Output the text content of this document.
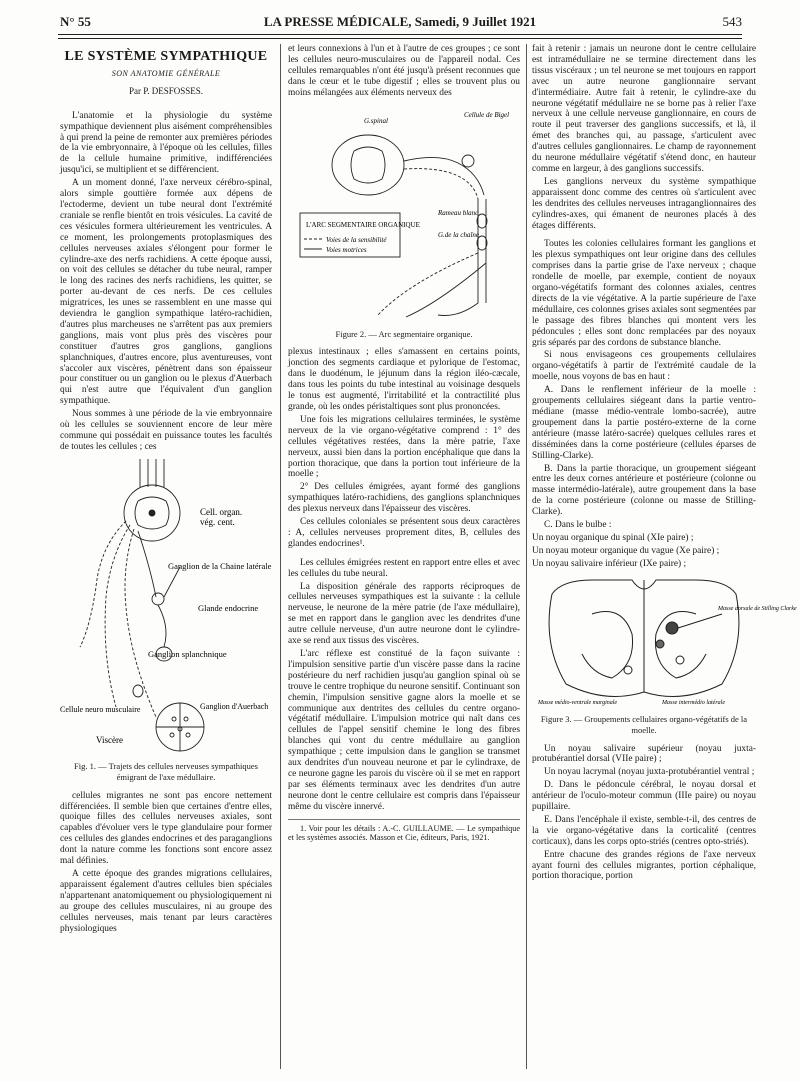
N° 55	LA PRESSE MÉDICALE, Samedi, 9 Juillet 1921	543

LE SYSTÈME SYMPATHIQUE

SON ANATOMIE GÉNÉRALE

Par P. DESFOSSES.

L'anatomie et la physiologie du système sympathique deviennent plus aisément compréhensibles à qui prend la peine de remonter aux premières périodes de la vie embryonnaire, à l'époque où les cellules, filles de la cellule humaine primitive, indifférenciées jusqu'ici, se multiplient et se différencient.

A un moment donné, l'axe nerveux cérébro-spinal, alors simple gouttière formée aux dépens de l'ectoderme, devient un tube neural dont l'extrémité craniale se renfle bientôt en trois vésicules. La cavité de ces vésicules formera ultérieurement les ventricules. A ce moment, les prolongements protoplasmiques des cellules nerveuses axiales s'élongent pour former le cylindre-axe des nerfs rachidiens. A cette époque aussi, on voit des cellules se détacher du tube neural, ramper le long des racines des nerfs rachidiens, les quitter, se porter au-devant de ces nerfs. De ces cellules migratrices, les unes se rassemblent en une masse qui deviendra le ganglion sympathique latéro-rachidien, d'autres plus marcheuses ne s'arrêtent pas aux premiers ganglions, mais vont plus près des viscères pour constituer d'autres gros ganglions, ganglions splanchniques, d'autres encore, plus aventureuses, vont s'accoler aux viscères, pénètrent dans son épaisseur pour constituer ou un ganglion ou le plexus d'Auerbach qui n'est autre que l'équivalent d'un ganglion sympathique.

Nous sommes à une période de la vie embryonnaire où les cellules se souviennent encore de leur mère commune qui possédait en puissance toutes les facultés de toutes les cellules ; ces

Cell. organ.
vég. cent.
Ganglion de la Chaine latérale
Glande endocrine
Ganglion splanchnique
Cellule neuro musculaire	Ganglion d'Auerbach
Viscère

Fig. 1. — Trajets des cellules nerveuses sympathiques émigrant de l'axe médullaire.

cellules migrantes ne sont pas encore nettement différenciées. Il semble bien que certaines d'entre elles, quoique filles des cellules nerveuses axiales, sont capables d'évoluer vers le type glandulaire pour former ces cellules des glandes endocrines et des paraganglions dont la nature comme les fonctions sont encore assez mal définies.

A cette époque des grandes migrations cellulaires, apparaissent également d'autres cellules bien spéciales n'appartenant anatomiquement ou physiologiquement ni au groupe des cellules musculaires, ni au groupe des cellules nerveuses, mais tenant par leurs caractères physiologiques

et leurs connexions à l'un et à l'autre de ces groupes ; ce sont les cellules neuro-musculaires ou de l'appareil nodal. Ces cellules remarquables n'ont été jusqu'à présent reconnues que dans le cœur et le tube digestif ; elles se trouvent plus ou moins mélangées aux éléments nerveux des

G.spinal
Cellule de Bigel
Rameau blanc
G.de la chaîne
L'ARC SEGMENTAIRE ORGANIQUE
Voies de la sensibilité
Voies motrices

Figure 2. — Arc segmentaire organique.

plexus intestinaux ; elles s'amassent en certains points, jonction des segments cardiaque et pylorique de l'estomac, dans le duodénum, le jéjunum dans la région iléo-cæcale, dans tous les points du tube intestinal au voisinage desquels le tonus est augmenté, l'irritabilité et la contractilité plus grande, où les ondes péristaltiques sont plus prononcées.

Une fois les migrations cellulaires terminées, le système nerveux de la vie organo-végétative comprend : 1° des cellules végétatives restées, dans la mère patrie, l'axe nerveux, aussi bien dans la portion encéphalique que dans la portion thoracique, que dans la portion tout inférieure de la moelle ;

2° Des cellules émigrées, ayant formé des ganglions sympathiques latéro-rachidiens, des ganglions splanchniques des plexus nerveux dans l'épaisseur des viscères.

Ces cellules coloniales se présentent sous deux caractères : A, cellules nerveuses proprement dites, B, cellules des glandes endocrines¹.

Les cellules émigrées restent en rapport entre elles et avec les cellules du tube neural.

La disposition générale des rapports réciproques de cellules nerveuses sympathiques est la suivante : la cellule nerveuse, le neurone de la mère patrie (de l'axe médullaire), se met en rapport dans le ganglion avec les dendrites d'une autre cellule nerveuse, d'un autre neurone dont le cylindre-axe se rend aux tissus des viscères.

L'arc réflexe est constitué de la façon suivante : l'impulsion sensitive partie d'un viscère passe dans la racine postérieure du nerf rachidien jusqu'au ganglion spinal où se trouve le centre trophique du neurone sensitif. Continuant son chemin, l'impulsion sensitive gagne alors la moelle et se communique aux dentrites des cellules du centre organo-végétatif médullaire. L'impulsion motrice qui naît dans ces cellules de l'appel sensitif chemine le long des fibres blanches qui vont du centre médullaire au ganglion sympathique ; cette impulsion dans le ganglion se transmet aux dendrites d'un nouveau neurone et par le cylindraxe, de ce neurone gagne les parois du viscère où il se met en rapport par ses éléments terminaux avec les dendrites d'un autre neurone dont le centre cellulaire est compris dans l'épaisseur même du viscère innervé.

1. Voir pour les détails : A.-C. GUILLAUME. — Le sympathique et les systèmes associés. Masson et Cie, éditeurs, Paris, 1921.

fait à retenir : jamais un neurone dont le centre cellulaire est intramédullaire ne se termine directement dans les tissus viscéraux ; un tel neurone se met toujours en rapport avec un autre neurone ganglionnaire servant d'intermédiaire. Autre fait à retenir, le cylindre-axe du neurone végétatif médullaire ne se borne pas à relier l'axe nerveux à une cellule nerveuse ganglionnaire, en cours de route il peut traverser des ganglions successifs, et là, il émet des branches qui, au passage, s'articulent avec d'autres cellules ganglionnaires. Le champ de rayonnement du neurone médullaire végétatif s'étend donc, en hauteur comme en largeur, à des ganglions successifs.

Les ganglions nerveux du système sympathique apparaissent donc comme des centres où s'articulent avec les dendrites des cellules nerveuses intraganglionnaires des cylindres-axes, qui émanent de neurones placés à des étages différents.

Toutes les colonies cellulaires formant les ganglions et les plexus sympathiques ont leur origine dans des cellules comprises dans la partie grise de l'axe nerveux ; chaque rondelle de moelle, par exemple, contient de noyaux organo-végétatifs formant des colonnes axiales, centres directs de la vie végétative. A la partie supérieure de l'axe médullaire, ces colonnes grises axiales sont segmentées par le passage des fibres blanches qui montent vers les pédoncules ; elles sont donc remplacées par des noyaux gris séparés par des cordons de substance blanche.

Si nous envisageons ces groupements cellulaires organo-végétatifs à partir de l'extrémité caudale de la moelle, nous voyons de bas en haut :

A. Dans le renflement inférieur de la moelle : groupements cellulaires siégeant dans la partie ventro-médiane (masse médio-ventrale lombo-sacrée), autre groupement dans la partie postéro-externe de la corne antérieure (masse latéro-sacrée) quelques cellules rares et disséminées dans la corne postérieure (cellules éparses de Stilling-Clarke).

B. Dans la partie thoracique, un groupement siégeant entre les deux cornes antérieure et postérieure (colonne ou masse intermédio-latérale), autre groupement dans la base de la corne postérieure (colonne ou masse de Stilling-Clarke).

C. Dans le bulbe :

Un noyau organique du spinal (XIe paire) ;

Un noyau moteur organique du vague (Xe paire) ;

Un noyau salivaire inférieur (IXe paire) ;

Masse dorsale de Stilling Clarke
Masse médio-ventrale marginale	Masse intermédio latérale

Figure 3. — Groupements cellulaires organo-végétatifs de la moelle.

Un noyau salivaire supérieur (noyau juxta-protubérantiel dorsal (VIIe paire) ;

Un noyau lacrymal (noyau juxta-protubérantiel ventral ;

D. Dans le pédoncule cérébral, le noyau dorsal et antérieur de l'oculo-moteur commun (IIIe paire) ou noyau pupillaire.

E. Dans l'encéphale il existe, semble-t-il, des centres de la vie organo-végétative dans la corticalité (centres corticaux), dans les corps opto-striés (centres opto-striés).

Entre chacune des grandes régions de l'axe nerveux ayant fourni des cellules migrantes, portion céphalique, portion thoracique, portion
